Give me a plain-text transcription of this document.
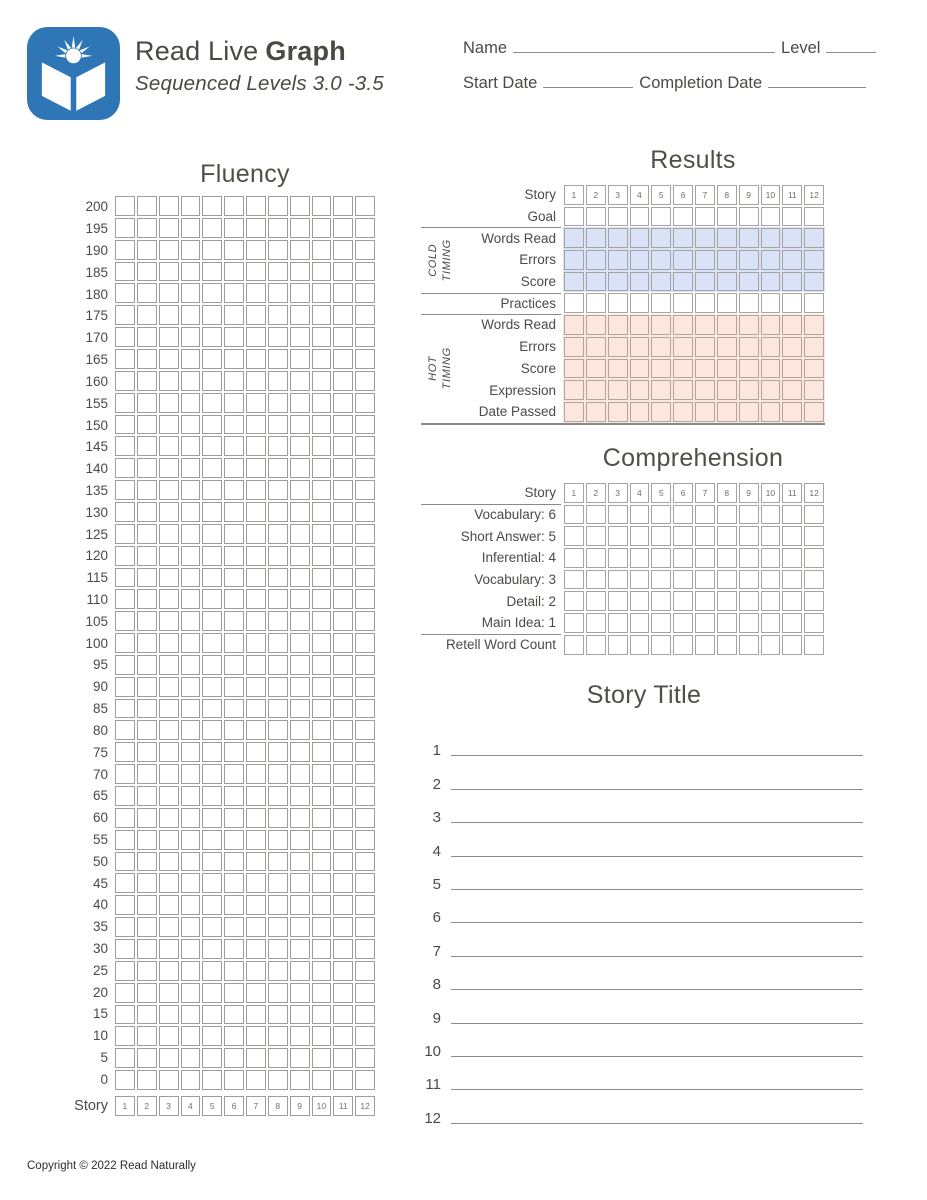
Read Live Graph
Sequenced Levels 3.0 -3.5
Name	Level
Start Date	Completion Date
Fluency
200
195
190
185
180
175
170
165
160
155
150
145
140
135
130
125
120
115
110
105
100
95
90
85
80
75
70
65
60
55
50
45
40
35
30
25
20
15
10
5
0
Story	1	2	3	4	5	6	7	8	9	10	11	12
Results
Story	1	2	3	4	5	6	7	8	9	10	11	12
Goal
Words Read
Errors
Score
Practices
Words Read
Errors
Score
Expression
Date Passed
COLD TIMING
HOT TIMING
Comprehension
Story	1	2	3	4	5	6	7	8	9	10	11	12
Vocabulary: 6
Short Answer: 5
Inferential: 4
Vocabulary: 3
Detail: 2
Main Idea: 1
Retell Word Count
Story Title
1
2
3
4
5
6
7
8
9
10
11
12
Copyright © 2022 Read Naturally
